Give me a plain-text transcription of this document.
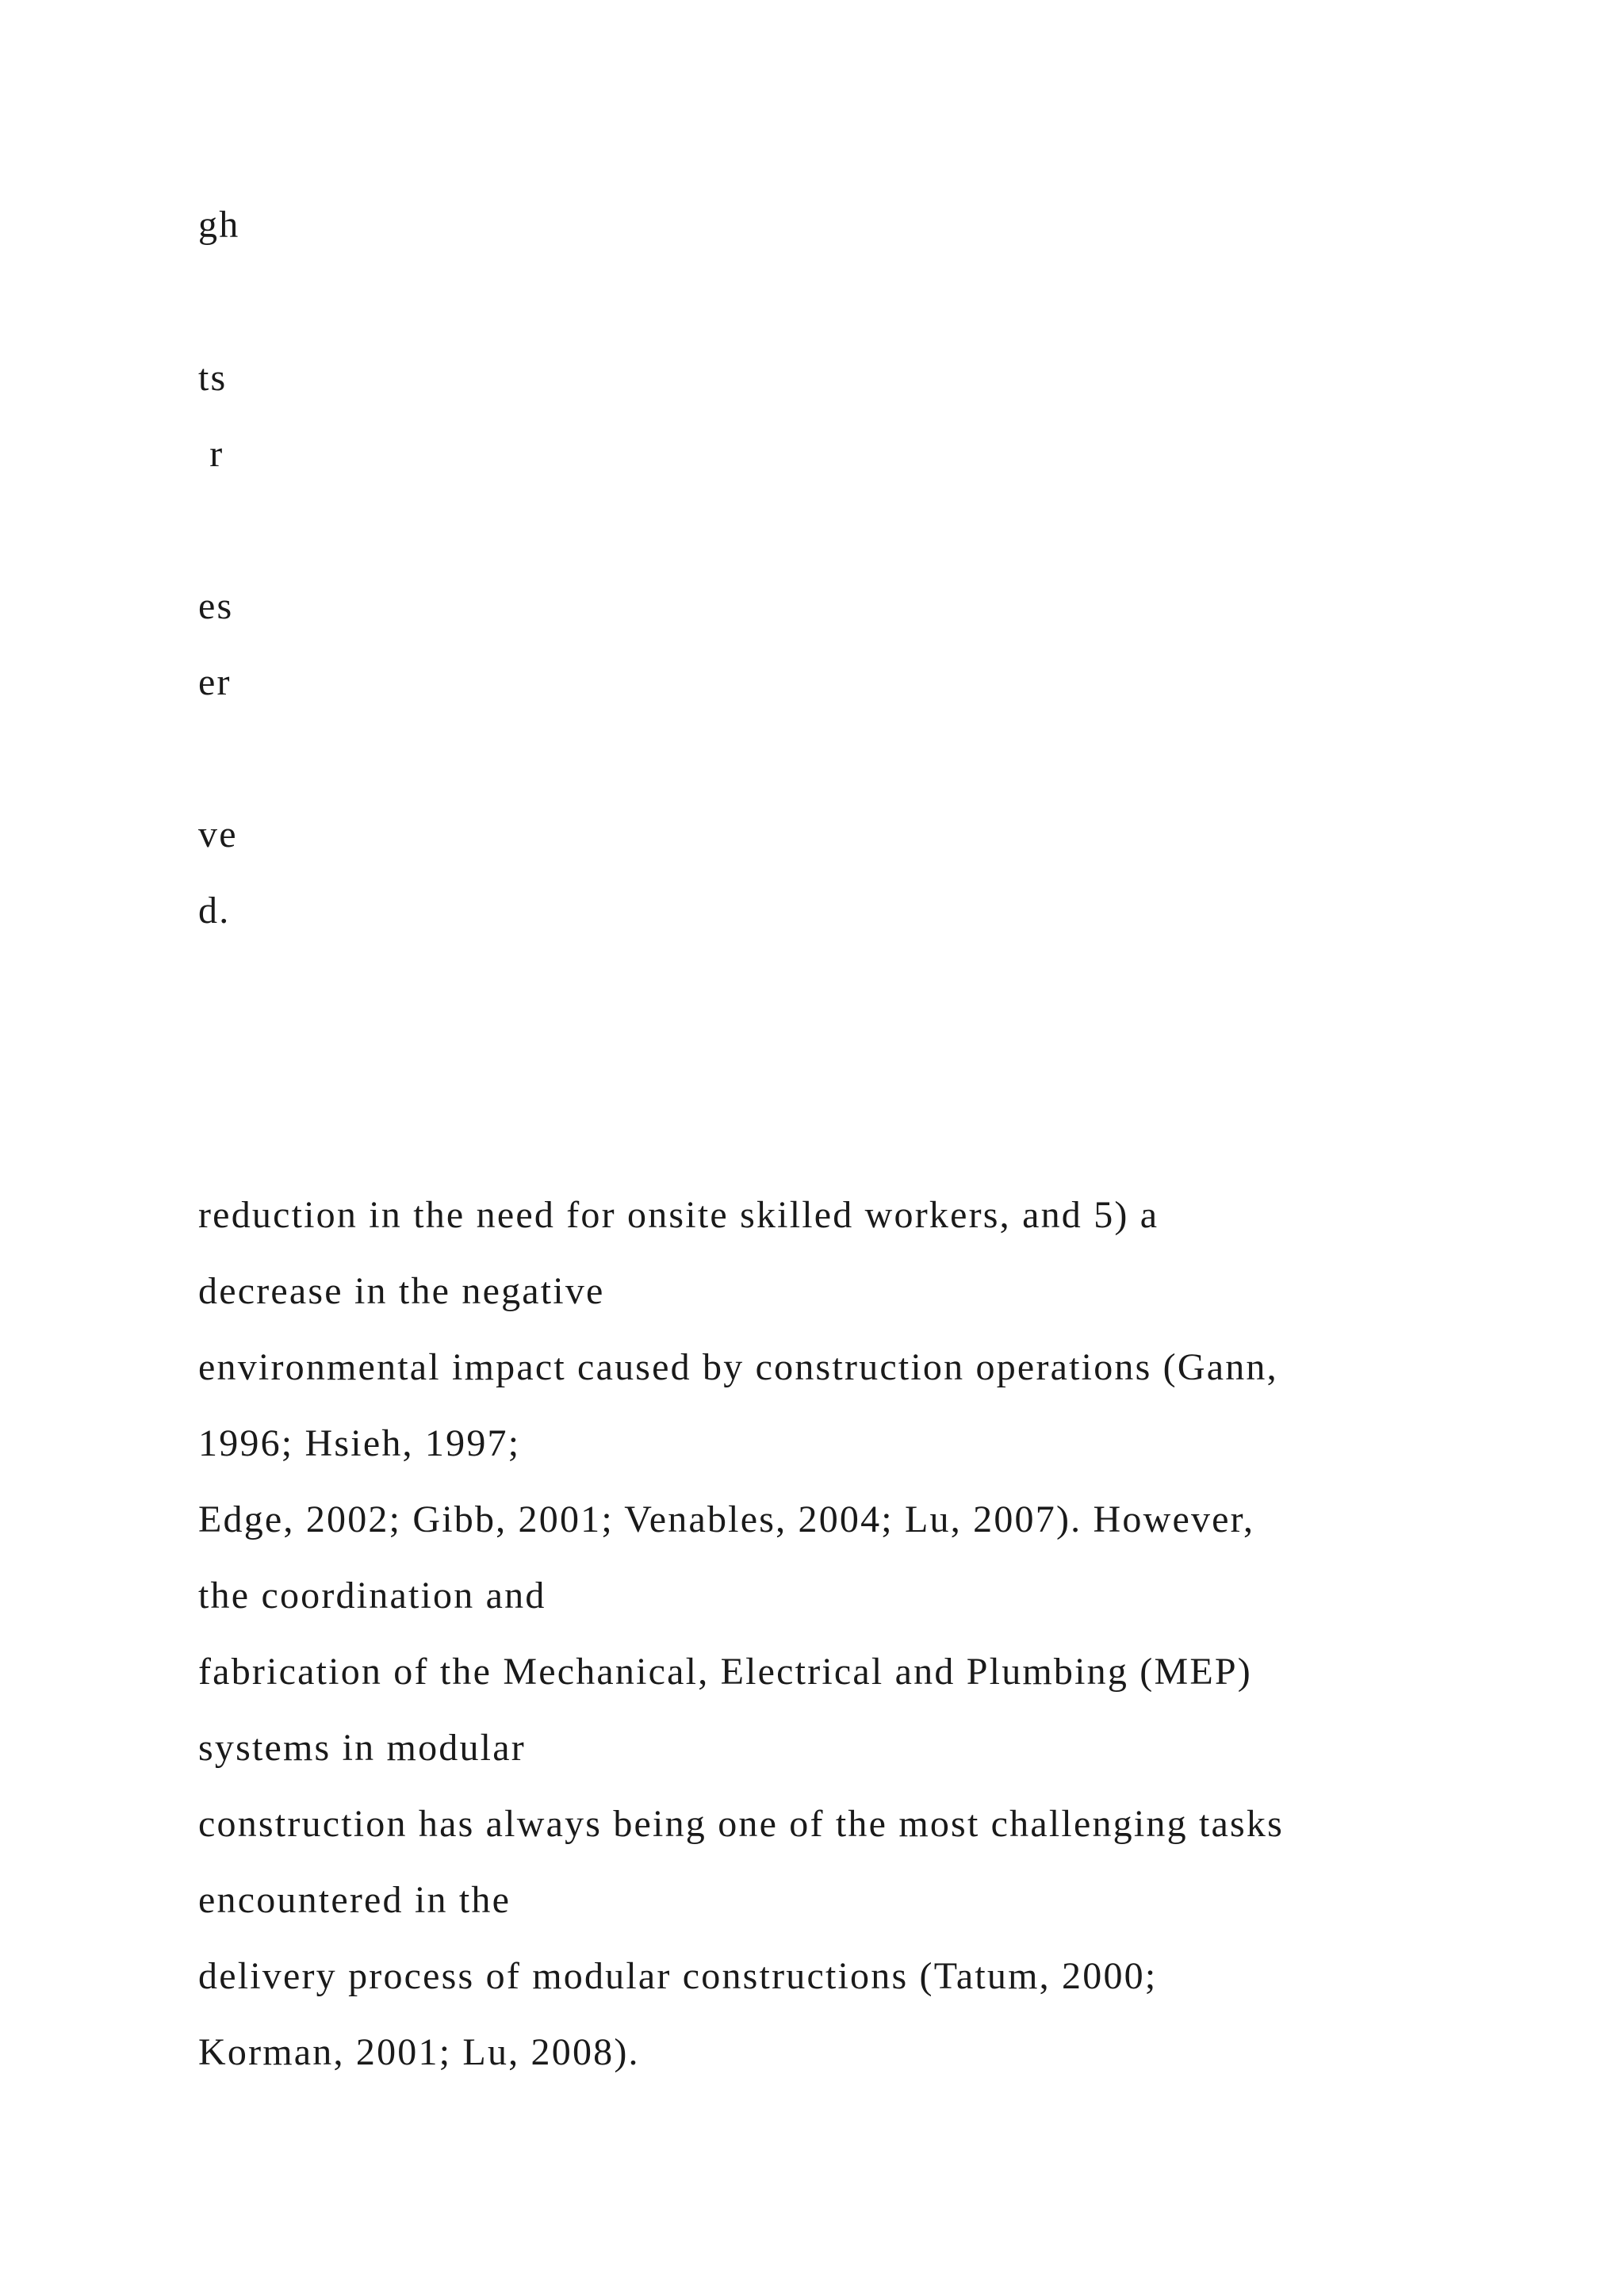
gh
ts
r
es
er
ve
d.
reduction in the need for onsite skilled workers, and 5) a
decrease in the negative
environmental impact caused by construction operations (Gann,
1996; Hsieh, 1997;
Edge, 2002; Gibb, 2001; Venables, 2004; Lu, 2007). However,
the coordination and
fabrication of the Mechanical, Electrical and Plumbing (MEP)
systems in modular
construction has always being one of the most challenging tasks
encountered in the
delivery process of modular constructions (Tatum, 2000;
Korman, 2001; Lu, 2008).
